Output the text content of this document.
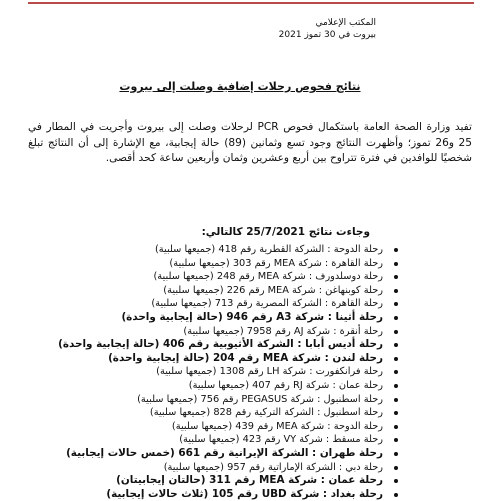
المكتب الإعلامي
بيروت في 30 تموز 2021
نتائج فحوص رحلات إضافية وصلت إلى بيروت
تفيد وزارة الصحة العامة باستكمال فحوص PCR لرحلات وصلت إلى بيروت وأجريت في المطار في 25 و26 تموز؛ وأظهرت النتائج وجود تسع وثمانين (89) حالة إيجابية، مع الإشارة إلى أن النتائج تبلغ شخصيًا للوافدين في فترة تتراوح بين أربع وعشرين وثمان وأربعين ساعة كحد أقصى.
وجاءت نتائج 25/7/2021 كالتالي:
رحلة الدوحة : الشركة القطرية رقم 418 (جميعها سلبية)
رحلة القاهرة : شركة MEA رقم 303 (جميعها سلبية)
رحلة دوسلدورف : شركة MEA رقم 248 (جميعها سلبية)
رحلة كوبنهاغن : شركة MEA رقم 226 (جميعها سلبية)
رحلة القاهرة : الشركة المصرية رقم 713 (جميعها سلبية)
رحلة أثينا : شركة A3 رقم 946 (حالة إيجابية واحدة)
رحلة أنقرة : شركة AJ رقم 7958 (جميعها سلبية)
رحلة أديس أبابا : الشركة الأثيوبية رقم 406 (حالة إيجابية واحدة)
رحلة لندن : شركة MEA رقم 204 (حالة إيجابية واحدة)
رحلة فرانكفورت : شركة LH رقم 1308 (جميعها سلبية)
رحلة عمان : شركة RJ رقم 407 (جميعها سلبية)
رحلة اسطنبول : شركة PEGASUS رقم 756 (جميعها سلبية)
رحلة اسطنبول : الشركة التركية رقم 828 (جميعها سلبية)
رحلة الدوحة : شركة MEA رقم 439 (جميعها سلبية)
رحلة مسقط : شركة VY رقم 423 (جميعها سلبية)
رحلة طهران : الشركة الإيرانية رقم 661 (خمس حالات إيجابية)
رحلة دبي : الشركة الإماراتية رقم 957 (جميعها سلبية)
رحلة عمان : شركة MEA رقم 311 (حالتان إيجابيتان)
رحلة بغداد : شركة UBD رقم 105 (ثلاث حالات إيجابية)
